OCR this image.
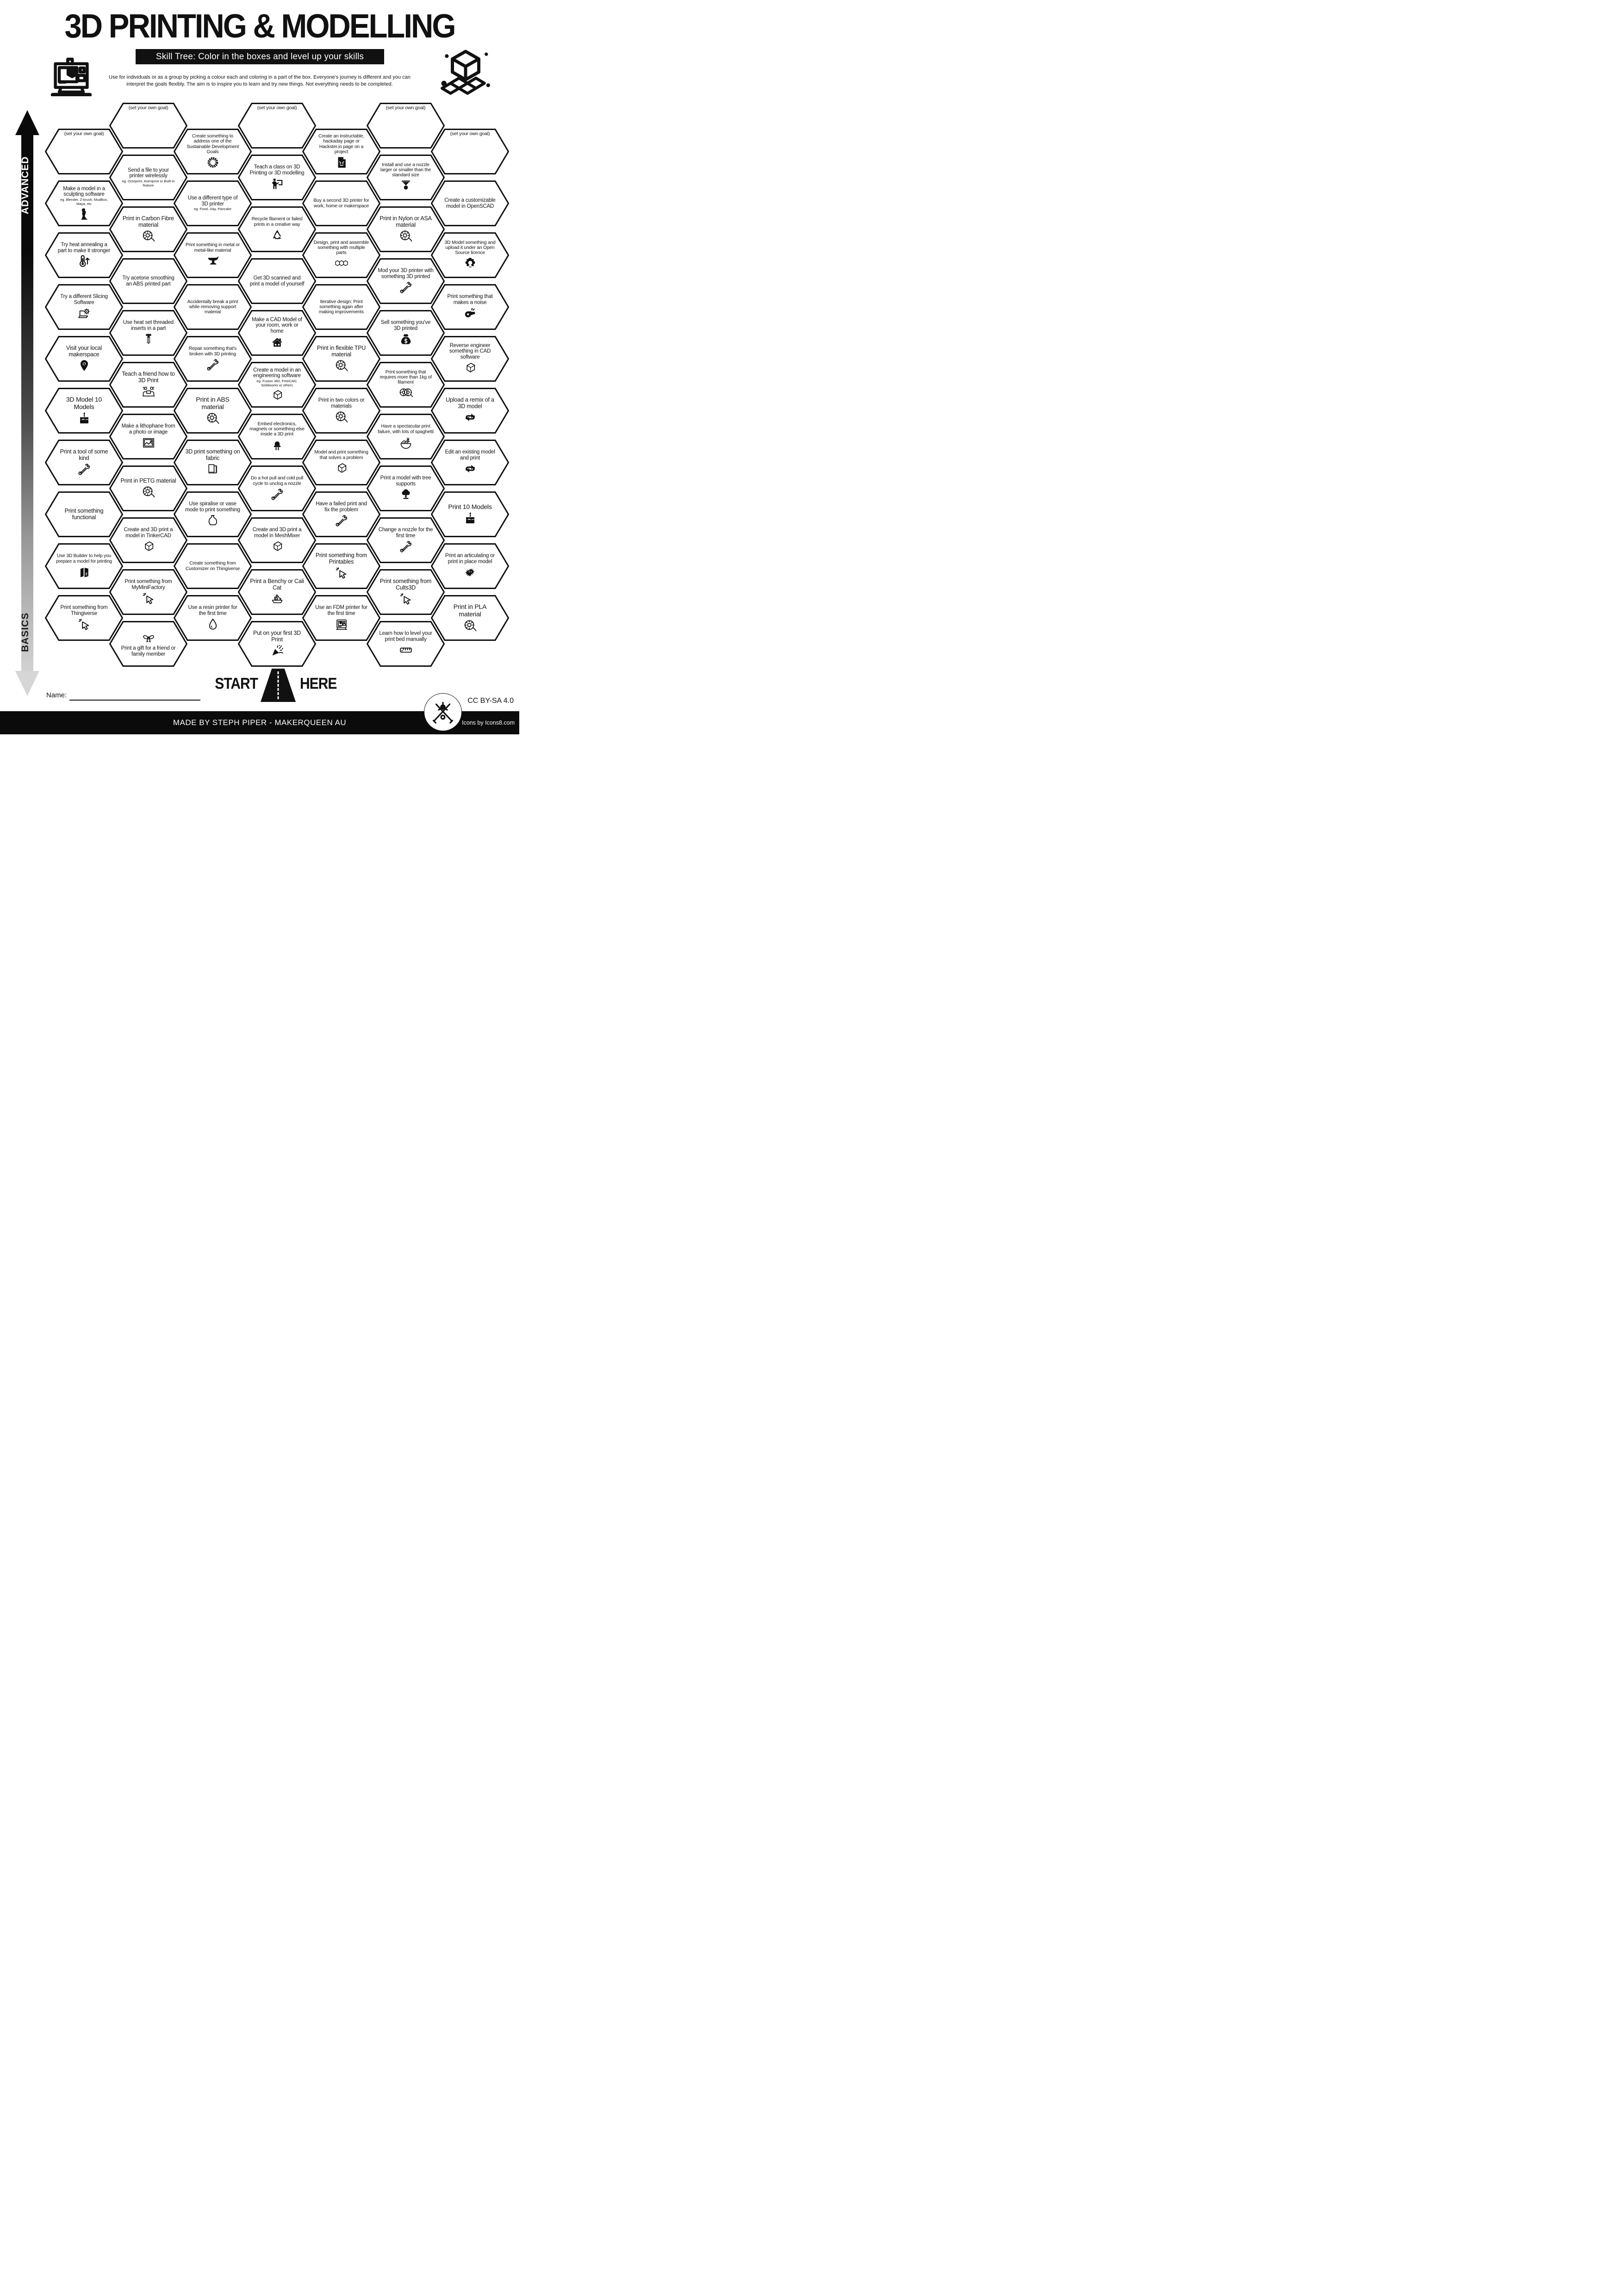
3D PRINTING & MODELLING
Skill Tree: Color in the boxes and level up your skills
Use for individuals or as a group by picking a colour each and coloring in a part of the box. Everyone's journey is different and you can
interpret the goals flexibly. The aim is to inspire you to learn and try new things. Not everything needs to be completed.
ADVANCED
BASICS
(set your own goal)
Make a model in a sculpting software
eg. Blender, Z-brush, MudBox, Maya, etc
Try heat annealing a part to make it stronger
Try a different Slicing Software
Visit your local makerspace
3D Model 10 Models
Print a tool of some kind
Print something functional
Use 3D Builder to help you prepare a model for printing
Print something from Thingiverse
(set your own goal)
Send a file to your printer wirelessly
eg. Octoprint, Astroprint or Built-in feature
Print in Carbon Fibre material
Try acetone smoothing an ABS printed part
Use heat set threaded inserts in a part
Teach a friend how to 3D Print
Make a lithophane from a photo or image
Print in PETG material
Create and 3D print a model in TinkerCAD
Print something from MyMiniFactory
Print a gift for a friend or family member
Create something to address one of the Sustainable Development Goals
Use a different type of 3D printer
eg. Food, clay, Pancake
Print something in metal or metal-like material
Accidentally break a print while removing support material
Repair something that's broken with 3D printing
Print in ABS material
3D print something on fabric
Use spiralise or vase mode to print something
Create something from Customizer on Thingiverse
Use a resin printer for the first time
(set your own goal)
Teach a class on 3D Printing or 3D modelling
Recycle filament or failed prints in a creative way
Get 3D scanned and print a model of yourself
Make a CAD Model of your room, work or home
Create a model in an engineering software
eg. Fusion 360, FreeCAD, Solidworks or others
Embed electronics, magnets or something else inside a 3D print
Do a hot pull and cold pull cycle to unclog a nozzle
Create and 3D print a model in MeshMixer
Print a Benchy or Cali Cat
Put on your first 3D Print
Create an instructable, hackaday page or Hackster.io page on a project
Buy a second 3D printer for work, home or makerspace
Design, print and assemble something with multiple parts
Iterative design: Print something again after making improvements
Print in flexible TPU material
Print in two colors or materials
Model and print something that solves a problem
Have a failed print and fix the problem
Print something from Printables
Use an FDM printer for the first time
(set your own goal)
Install and use a nozzle larger or smaller than the standard size
Print in Nylon or ASA material
Mod your 3D printer with something 3D printed
Sell something you've 3D printed
Print something that requires more than 1kg of filament
Have a spectacular print failure, with lots of spaghetti
Print a model with tree supports
Change a nozzle for the first time
Print something from Cults3D
Learn how to level your print bed manually
(set your own goal)
Create a customizable model in OpenSCAD
3D Model something and upload it under an Open Source licence
Print something that makes a noise
Reverse engineer something in CAD software
Upload a remix of a 3D model
Edit an existing model and print
Print 10 Models
Print an articulating or print in place model
Print in PLA material
START	HERE
Name:
CC BY-SA 4.0
MADE BY STEPH PIPER - MAKERQUEEN AU	Icons by Icons8.com
